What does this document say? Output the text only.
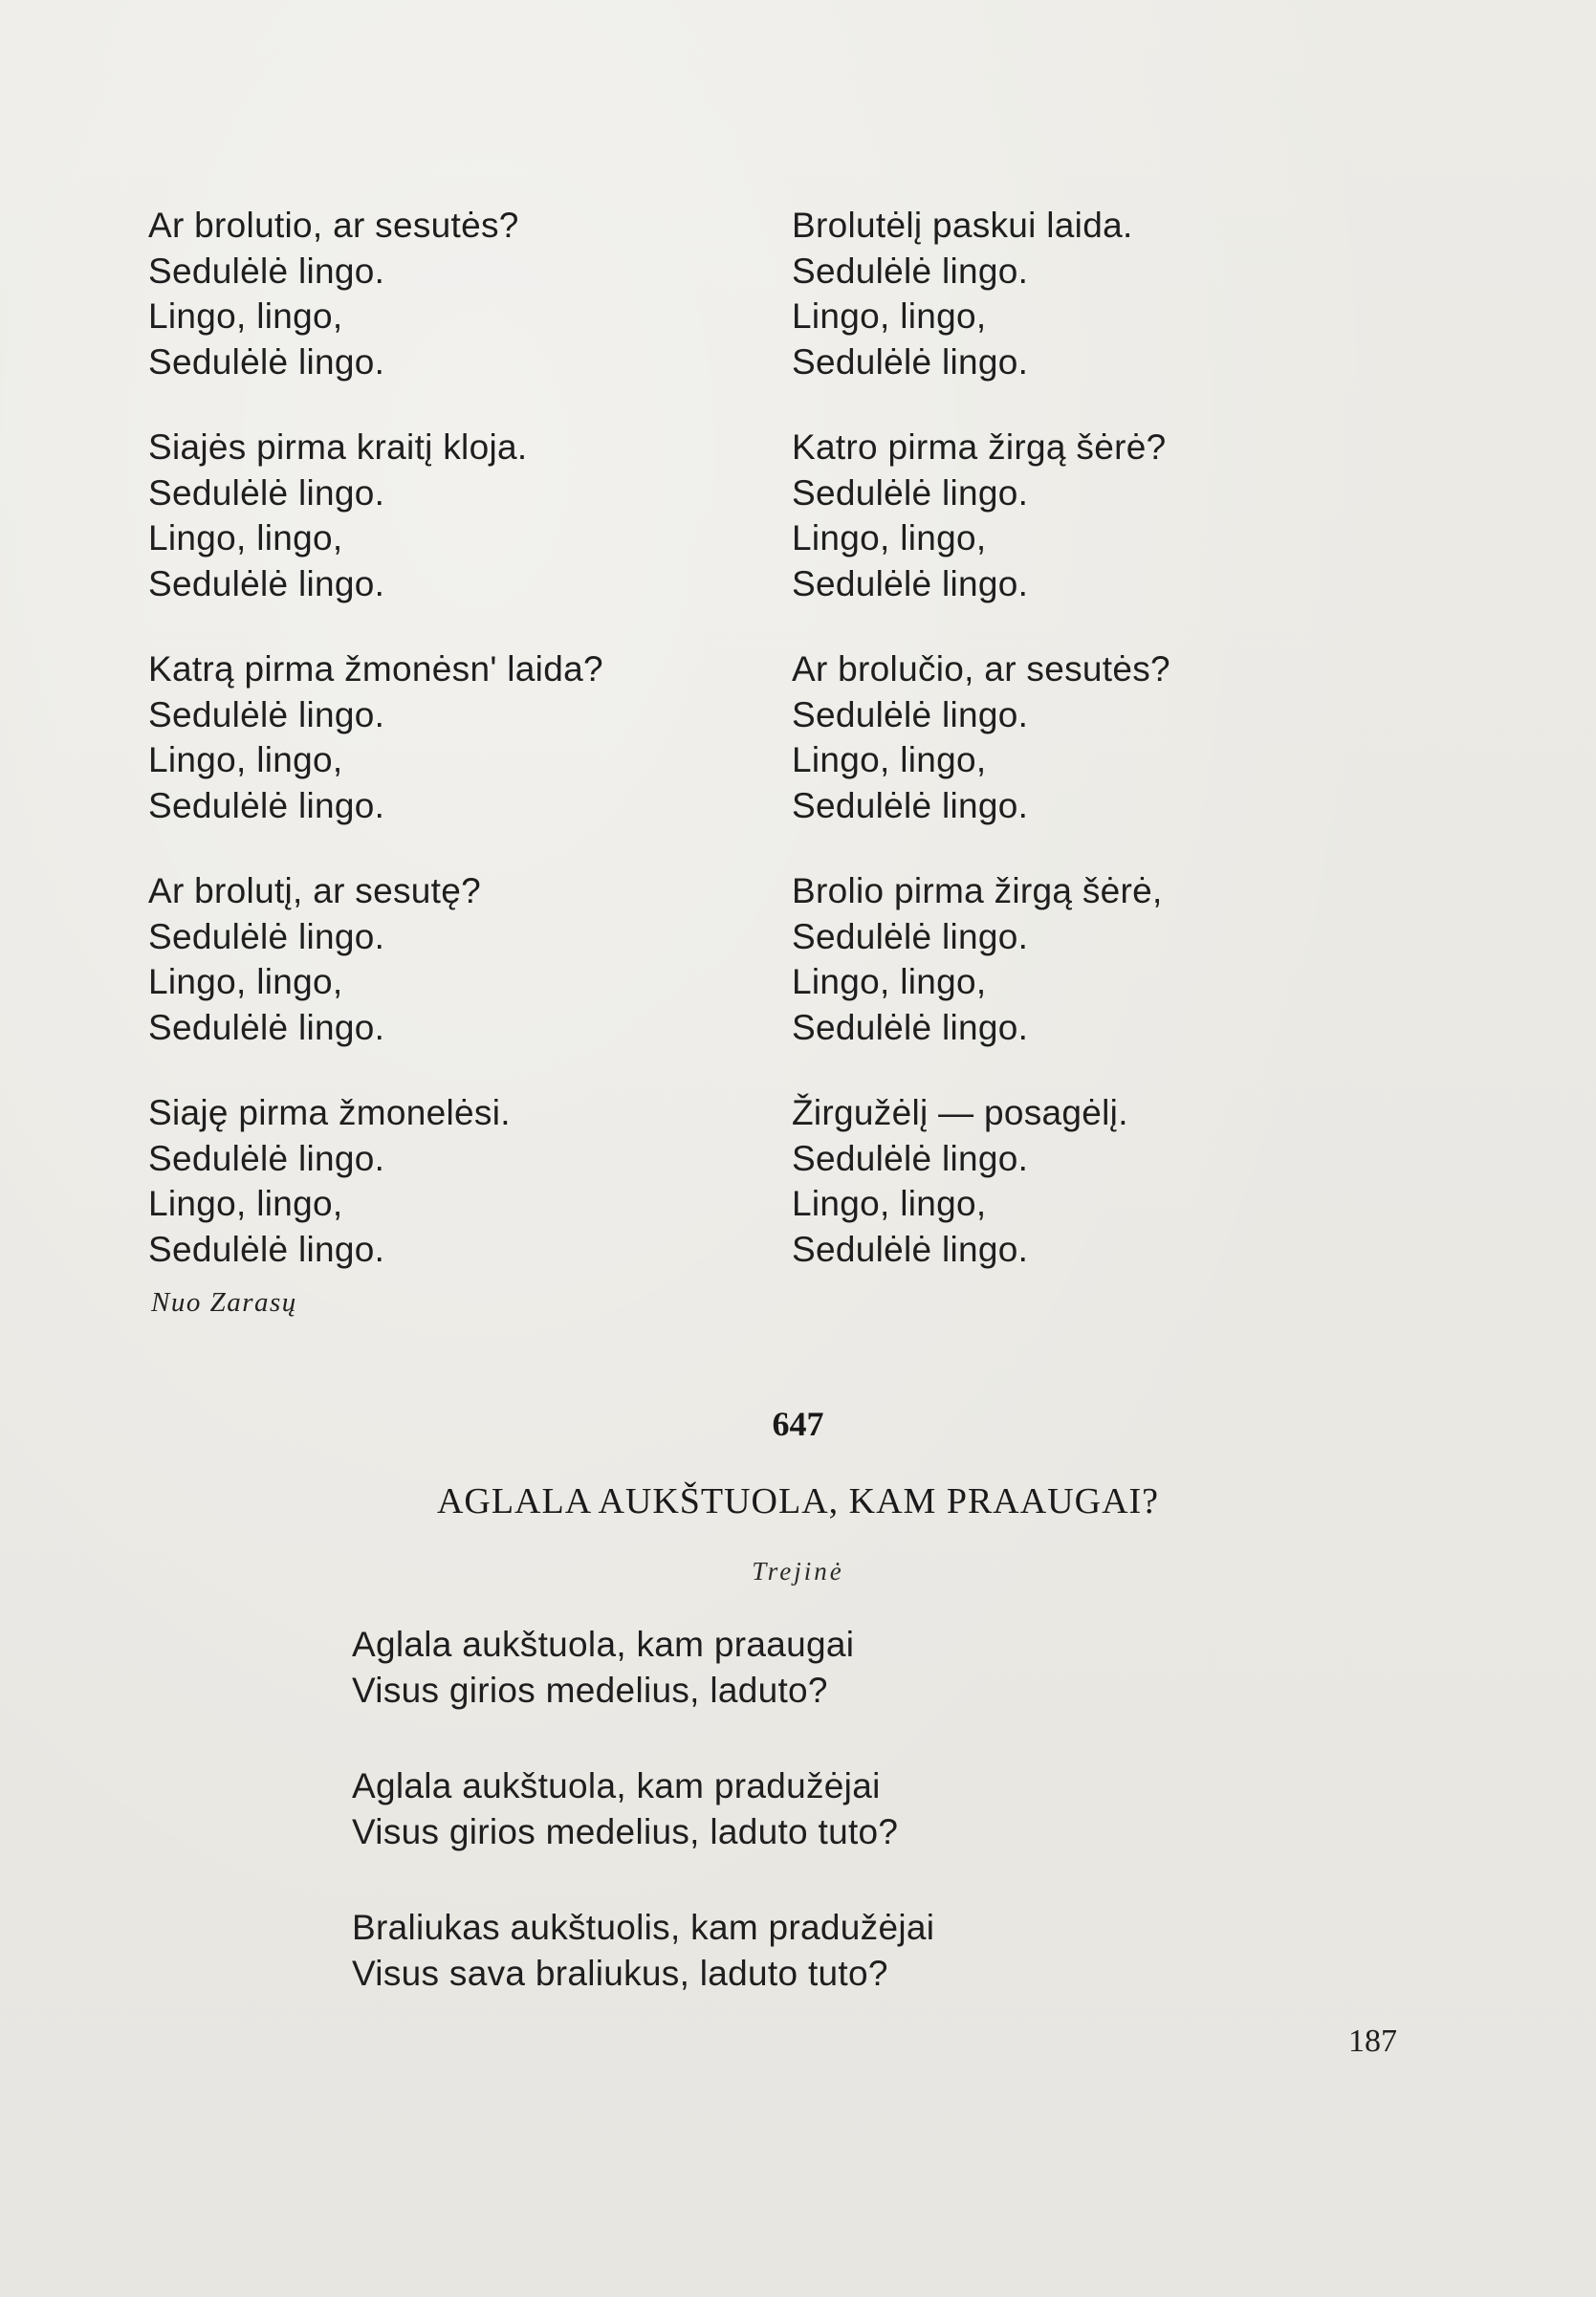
Ar brolutio, ar sesutės?
Sedulėlė lingo.
Lingo, lingo,
Sedulėlė lingo.
Siajės pirma kraitį kloja.
Sedulėlė lingo.
Lingo, lingo,
Sedulėlė lingo.
Katrą pirma žmonėsn' laida?
Sedulėlė lingo.
Lingo, lingo,
Sedulėlė lingo.
Ar brolutį, ar sesutę?
Sedulėlė lingo.
Lingo, lingo,
Sedulėlė lingo.
Siaję pirma žmonelėsi.
Sedulėlė lingo.
Lingo, lingo,
Sedulėlė lingo.
Brolutėlį paskui laida.
Sedulėlė lingo.
Lingo, lingo,
Sedulėlė lingo.
Katro pirma žirgą šėrė?
Sedulėlė lingo.
Lingo, lingo,
Sedulėlė lingo.
Ar brolučio, ar sesutės?
Sedulėlė lingo.
Lingo, lingo,
Sedulėlė lingo.
Brolio pirma žirgą šėrė,
Sedulėlė lingo.
Lingo, lingo,
Sedulėlė lingo.
Žirgužėlį — posagėlį.
Sedulėlė lingo.
Lingo, lingo,
Sedulėlė lingo.
Nuo Zarasų
647
AGLALA AUKŠTUOLA, KAM PRAAUGAI?
Trejinė
Aglala aukštuola, kam praaugai
Visus girios medelius, laduto?
Aglala aukštuola, kam pradužėjai
Visus girios medelius, laduto tuto?
Braliukas aukštuolis, kam pradužėjai
Visus sava braliukus, laduto tuto?
187
